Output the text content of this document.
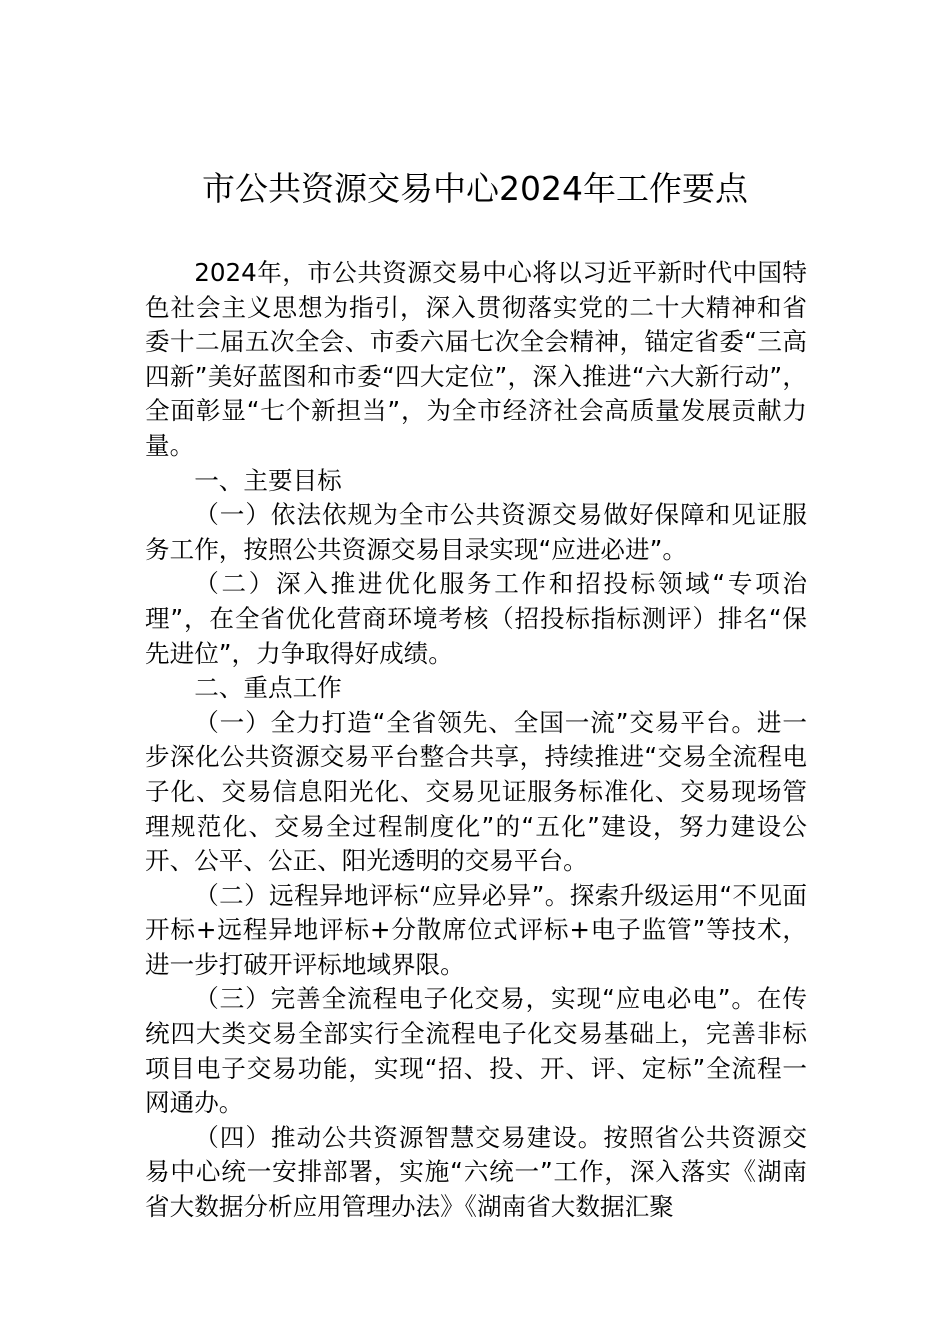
市公共资源交易中心2024年工作要点

2024年，市公共资源交易中心将以习近平新时代中国特色社会主义思想为指引，深入贯彻落实党的二十大精神和省委十二届五次全会、市委六届七次全会精神，锚定省委“三高四新”美好蓝图和市委“四大定位”，深入推进“六大新行动”，全面彰显“七个新担当”，为全市经济社会高质量发展贡献力量。

一、主要目标

（一）依法依规为全市公共资源交易做好保障和见证服务工作，按照公共资源交易目录实现“应进必进”。

（二）深入推进优化服务工作和招投标领域“专项治理”，在全省优化营商环境考核（招投标指标测评）排名“保先进位”，力争取得好成绩。

二、重点工作

（一）全力打造“全省领先、全国一流”交易平台。进一步深化公共资源交易平台整合共享，持续推进“交易全流程电子化、交易信息阳光化、交易见证服务标准化、交易现场管理规范化、交易全过程制度化”的“五化”建设，努力建设公开、公平、公正、阳光透明的交易平台。

（二）远程异地评标“应异必异”。探索升级运用“不见面开标+远程异地评标+分散席位式评标+电子监管”等技术，进一步打破开评标地域界限。

（三）完善全流程电子化交易，实现“应电必电”。在传统四大类交易全部实行全流程电子化交易基础上，完善非标项目电子交易功能，实现“招、投、开、评、定标”全流程一网通办。

（四）推动公共资源智慧交易建设。按照省公共资源交易中心统一安排部署，实施“六统一”工作，深入落实《湖南省大数据分析应用管理办法》《湖南省大数据汇聚
